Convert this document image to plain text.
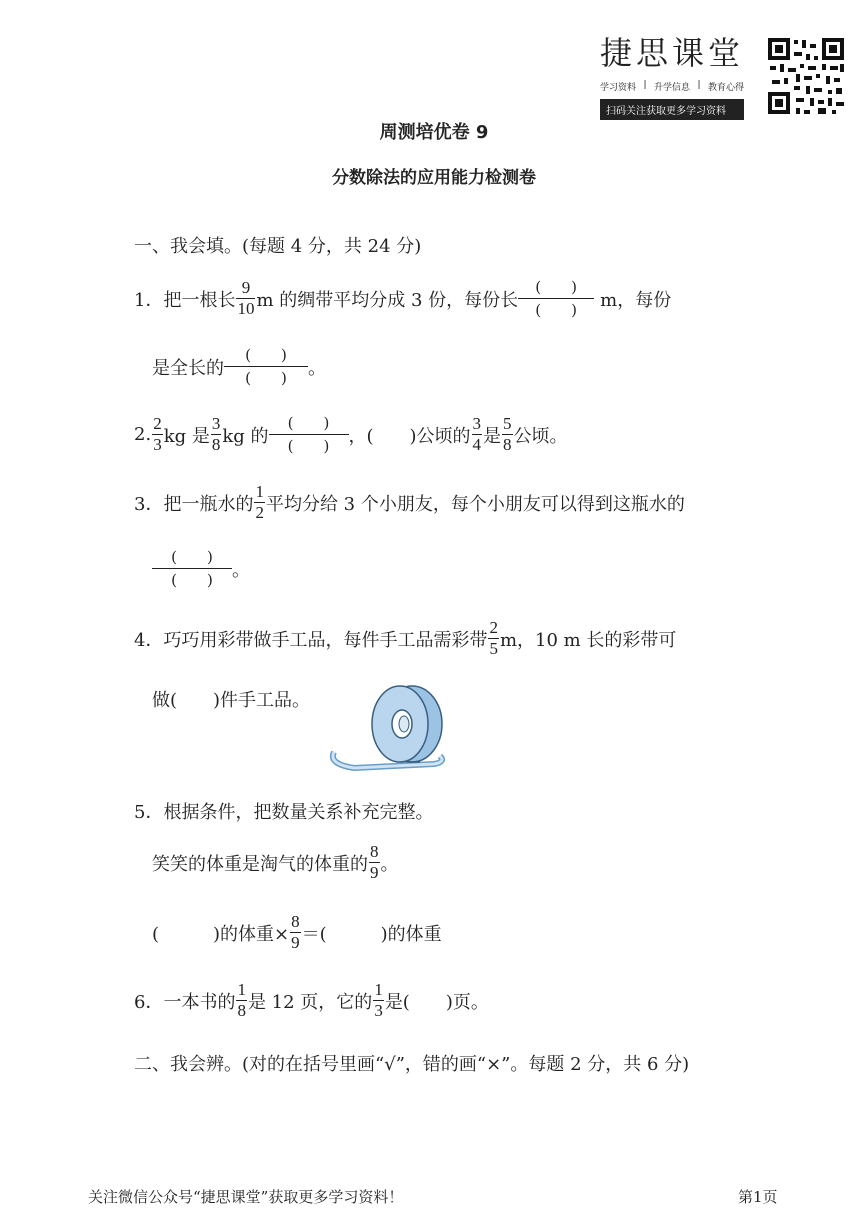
捷思课堂
学习资料 | 升学信息 | 教育心得
扫码关注获取更多学习资料
周测培优卷 9
分数除法的应用能力检测卷
一、我会填。(每题 4 分，共 24 分)
1．把一根长 $\frac{9}{10}$ m 的绸带平均分成 3 份，每份长
(　　)
(　　)	m，每份
是全长的
(　　)
(　　)	。
2. $\frac{2}{3}$ kg 是 $\frac{3}{8}$ kg 的
(　　)
(　　)	，(　　)公顷的 $\frac{3}{4}$ 是 $\frac{5}{8}$ 公顷。
3．把一瓶水的 $\frac{1}{2}$ 平均分给 3 个小朋友，每个小朋友可以得到这瓶水的
(　　)
(　　)	。
4．巧巧用彩带做手工品，每件手工品需彩带 $\frac{2}{5}$ m，10 m 长的彩带可
做(　　)件手工品。
5．根据条件，把数量关系补充完整。
笑笑的体重是淘气的体重的 $\frac{8}{9}$ 。
(　　　)的体重× $\frac{8}{9}$ ＝(　　　)的体重
6．一本书的 $\frac{1}{8}$ 是 12 页，它的 $\frac{1}{3}$ 是(　　)页。
二、我会辨。(对的在括号里画“√”，错的画“×”。每题 2 分，共 6 分)
关注微信公众号“捷思课堂”获取更多学习资料！	第1页
